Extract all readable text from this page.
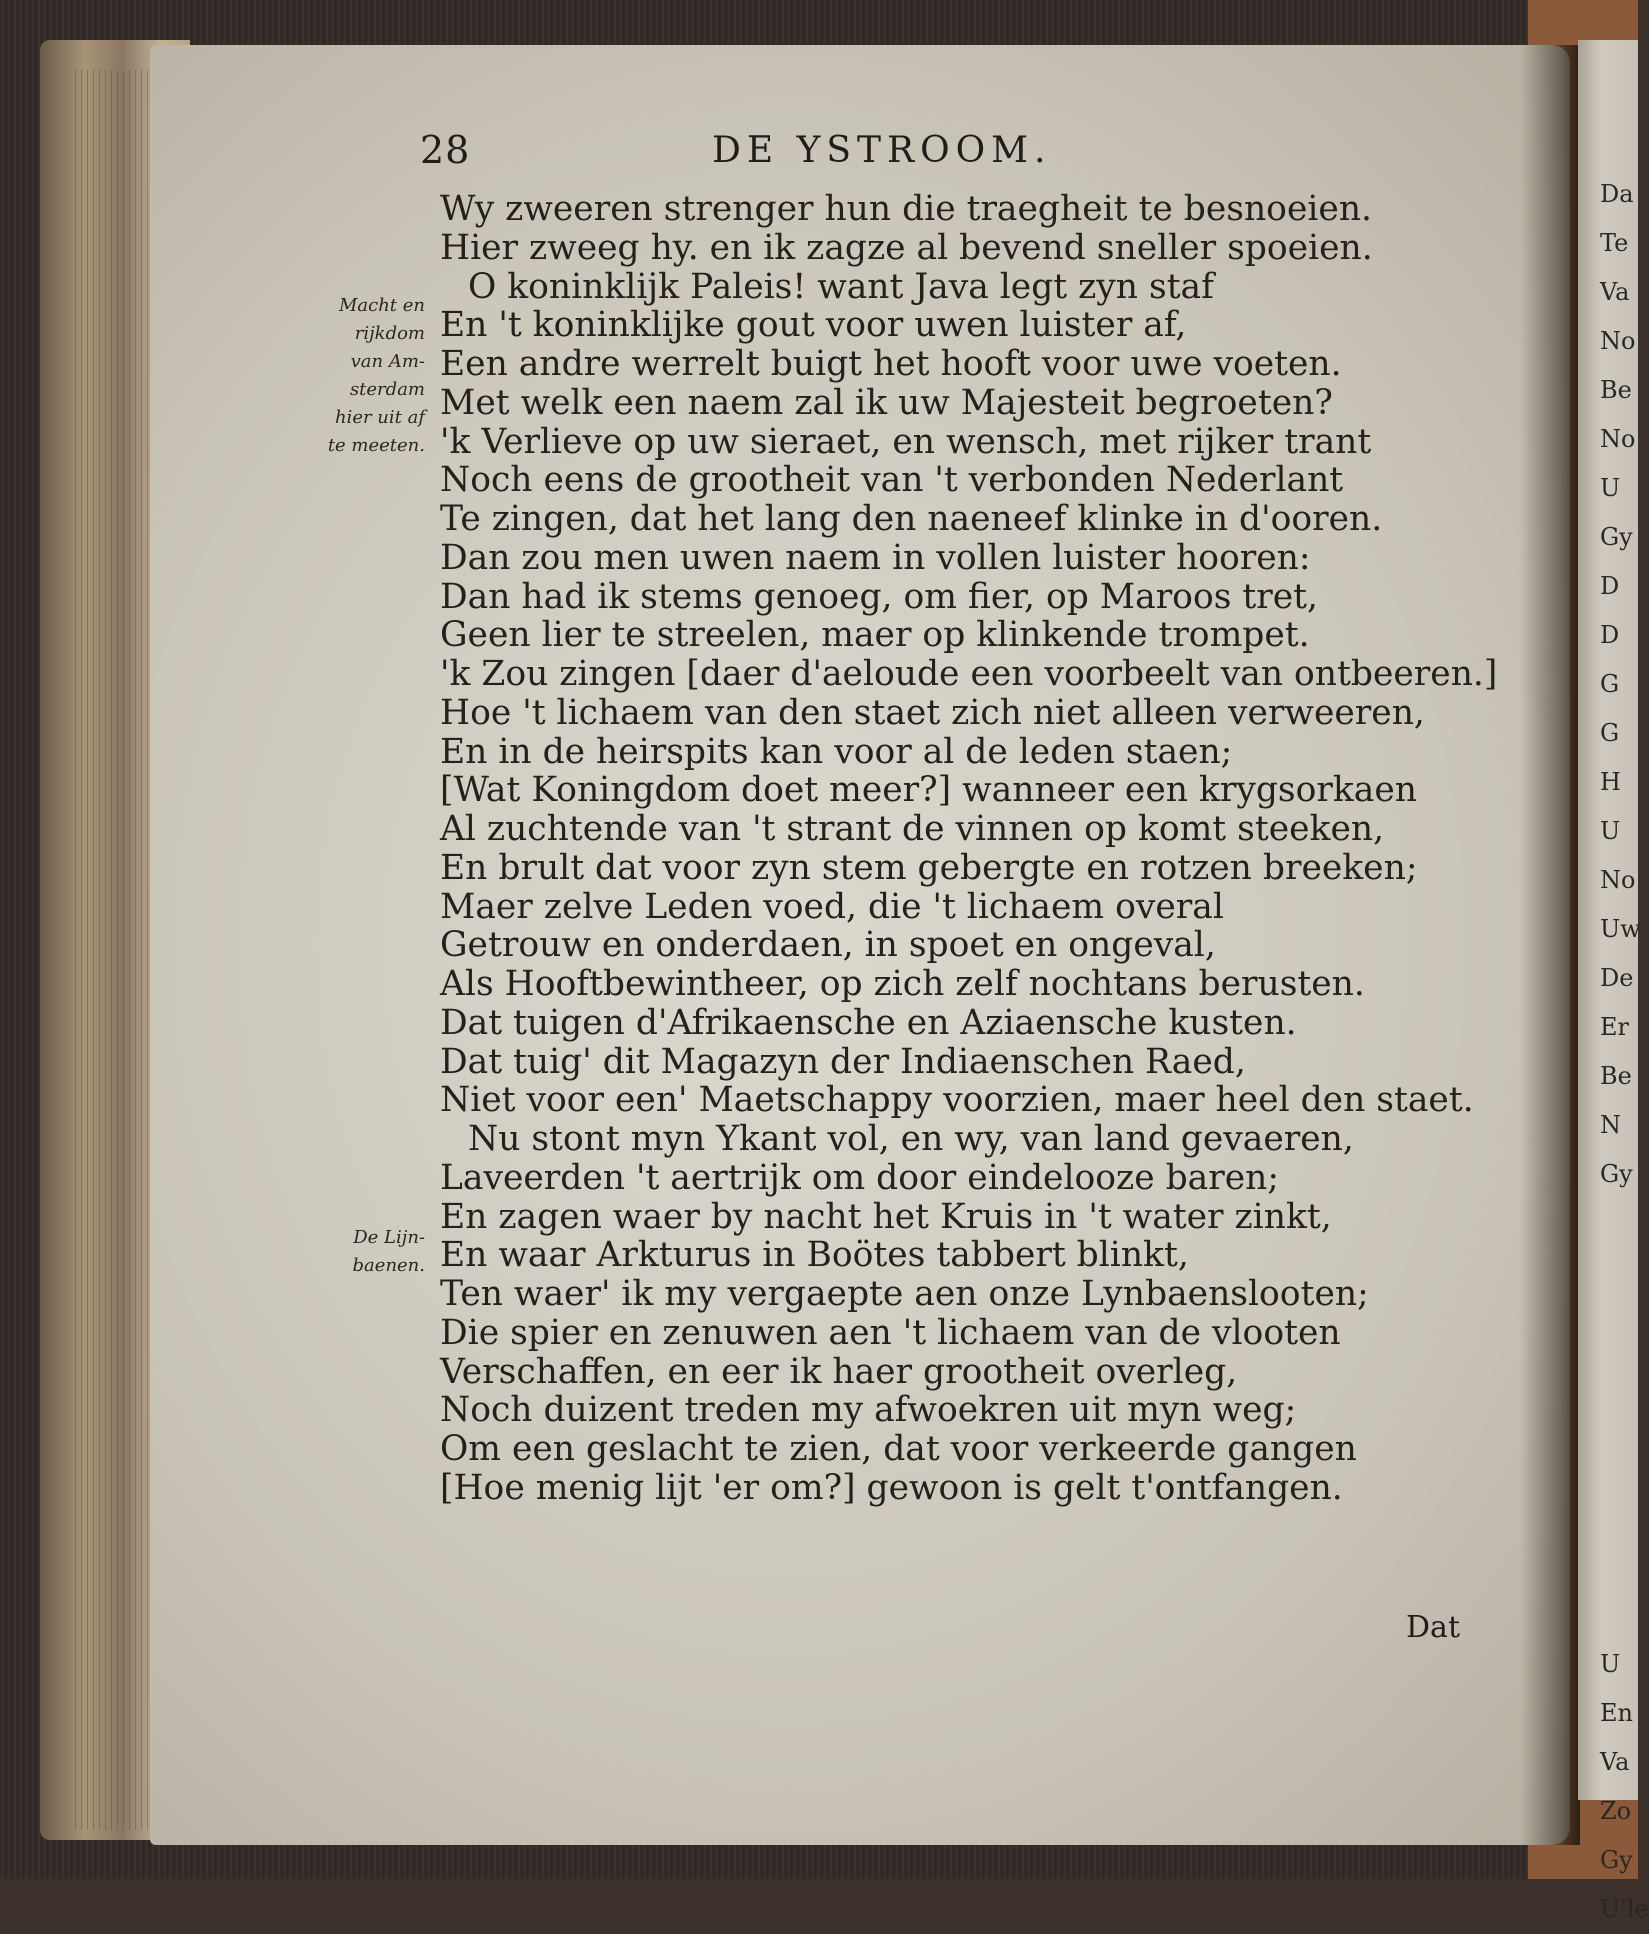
Da
Te
Va
No
Be
No
U
Gy
D
D
G
G
H
U
No
Uw
De
Er
Be
N
Gy
U
En
Va
Zo
Gy
U'le
28	DE YSTROOM.
Macht en
rijkdom
van Am-
sterdam
hier uit af
te meeten.
De Lijn-
baenen.
Wy zweeren strenger hun die traegheit te besnoeien.
Hier zweeg hy. en ik zagze al bevend sneller spoeien.
O koninklijk Paleis! want Java legt zyn staf
En 't koninklijke gout voor uwen luister af,
Een andre werrelt buigt het hooft voor uwe voeten.
Met welk een naem zal ik uw Majesteit begroeten?
'k Verlieve op uw sieraet, en wensch, met rijker trant
Noch eens de grootheit van 't verbonden Nederlant
Te zingen, dat het lang den naeneef klinke in d'ooren.
Dan zou men uwen naem in vollen luister hooren:
Dan had ik stems genoeg, om fier, op Maroos tret,
Geen lier te streelen, maer op klinkende trompet.
'k Zou zingen [daer d'aeloude een voorbeelt van ontbeeren.]
Hoe 't lichaem van den staet zich niet alleen verweeren,
En in de heirspits kan voor al de leden staen;
[Wat Koningdom doet meer?] wanneer een krygsorkaen
Al zuchtende van 't strant de vinnen op komt steeken,
En brult dat voor zyn stem gebergte en rotzen breeken;
Maer zelve Leden voed, die 't lichaem overal
Getrouw en onderdaen, in spoet en ongeval,
Als Hooftbewintheer, op zich zelf nochtans berusten.
Dat tuigen d'Afrikaensche en Aziaensche kusten.
Dat tuig' dit Magazyn der Indiaenschen Raed,
Niet voor een' Maetschappy voorzien, maer heel den staet.
Nu stont myn Ykant vol, en wy, van land gevaeren,
Laveerden 't aertrijk om door eindelooze baren;
En zagen waer by nacht het Kruis in 't water zinkt,
En waar Arkturus in Boötes tabbert blinkt,
Ten waer' ik my vergaepte aen onze Lynbaenslooten;
Die spier en zenuwen aen 't lichaem van de vlooten
Verschaffen, en eer ik haer grootheit overleg,
Noch duizent treden my afwoekren uit myn weg;
Om een geslacht te zien, dat voor verkeerde gangen
[Hoe menig lijt 'er om?] gewoon is gelt t'ontfangen.
Dat
